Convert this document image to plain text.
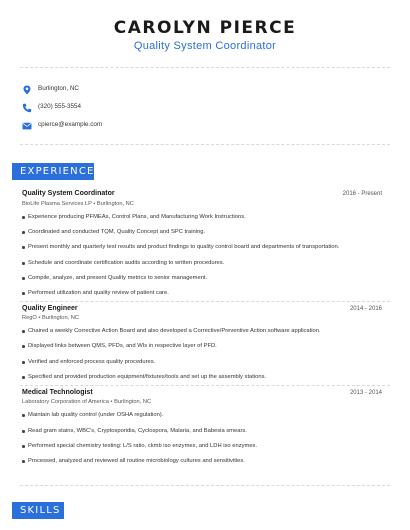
CAROLYN PIERCE
Quality System Coordinator
Burlington, NC
(320) 555-3554
cpierce@example.com
EXPERIENCE
Quality System Coordinator	2016 - Present
BioLife Plasma Services LP • Burlington, NC
Experience producing PFMEAs, Control Plans, and Manufacturing Work Instructions.
Coordinated and conducted TQM, Quality Concept and SPC training.
Present monthly and quarterly test results and product findings to quality control board and departments of transportation.
Schedule and coordinate certification audits according to written procedures.
Compile, analyze, and present Quality metrics to senior management.
Performed utilization and quality review of patient care.
Quality Engineer	2014 - 2016
RegO • Burlington, NC
Chaired a weekly Corrective Action Board and also developed a Corrective/Preventive Action software application.
Displayed links between QMS, PFDs, and WIs in respective layer of PFD.
Verified and enforced process quality procedures.
Specified and provided production equipment/fixtures/tools and set up the assembly stations.
Medical Technologist	2013 - 2014
Laboratory Corporation of America • Burlington, NC
Maintain lab quality control (under OSHA regulation).
Read gram stains, WBC's, Cryptosporidia, Cyclospora, Malaria, and Babesia smears.
Performed special chemistry testing: L/S ratio, ckmb iso enzymes, and LDH iso enzymes.
Processed, analyzed and reviewed all routine microbiology cultures and sensitivities.
SKILLS
